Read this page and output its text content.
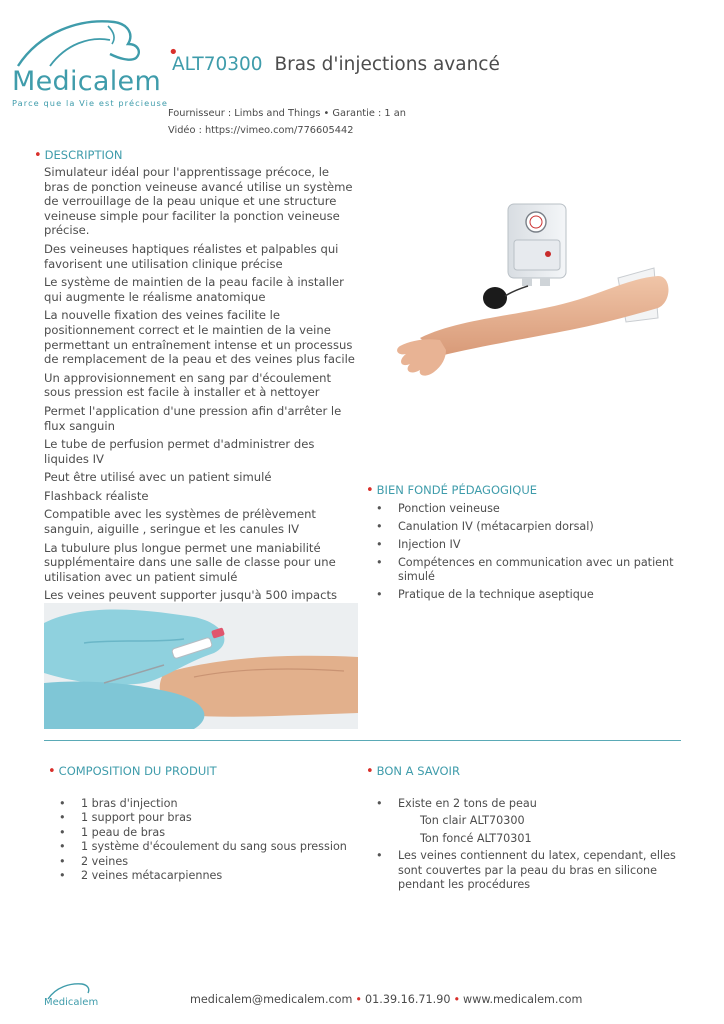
Medicalem
Parce que la Vie est précieuse
•
ALT70300 Bras d'injections avancé
Fournisseur : Limbs and Things • Garantie : 1 an
Vidéo : https://vimeo.com/776605442
• DESCRIPTION

Simulateur idéal pour l'apprentissage précoce, le bras de ponction veineuse avancé utilise un système de verrouillage de la peau unique et une structure veineuse simple pour faciliter la ponction veineuse précise.

Des veineuses haptiques réalistes et palpables qui favorisent une utilisation clinique précise

Le système de maintien de la peau facile à installer qui augmente le réalisme anatomique

La nouvelle fixation des veines facilite le positionnement correct et le maintien de la veine permettant un entraînement intense et un processus de remplacement de la peau et des veines plus facile

Un approvisionnement en sang par d'écoulement sous pression est facile à installer et à nettoyer

Permet l'application d'une pression afin d'arrêter le flux sanguin

Le tube de perfusion permet d'administrer des liquides IV

Peut être utilisé avec un patient simulé

Flashback réaliste

Compatible avec les systèmes de prélèvement sanguin, aiguille , seringue et les canules IV

La tubulure plus longue permet une maniabilité supplémentaire dans une salle de classe pour une utilisation avec un patient simulé

Les veines peuvent supporter jusqu'à 500 impacts

• BIEN FONDÉ PÉDAGOGIQUE
• Ponction veineuse
• Canulation IV (métacarpien dorsal)
• Injection IV
• Compétences en communication avec un patient simulé
• Pratique de la technique aseptique
• COMPOSITION DU PRODUIT
• 1 bras d'injection
• 1 support pour bras
• 1 peau de bras
• 1 système d'écoulement du sang sous pression
• 2 veines
• 2 veines métacarpiennes
• BON A SAVOIR
• Existe en 2 tons de peau
Ton clair ALT70300
Ton foncé ALT70301
• Les veines contiennent du latex, cependant, elles sont couvertes par la peau du bras en silicone pendant les procédures
Medicalem	medicalem@medicalem.com • 01.39.16.71.90 • www.medicalem.com
